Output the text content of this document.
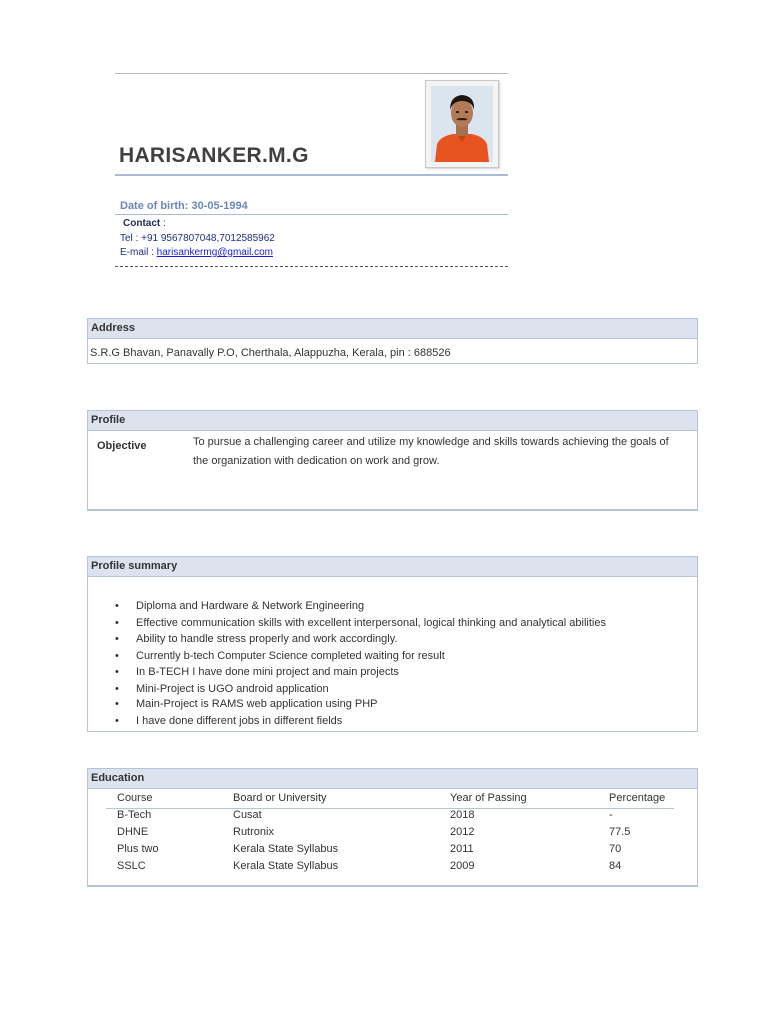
HARISANKER.M.G
Date of birth: 30-05-1994
Contact :
Tel : +91 9567807048,7012585962
E-mail : harisankermg@gmail.com
Address
S.R.G Bhavan, Panavally P.O, Cherthala, Alappuzha, Kerala, pin : 688526
Profile
Objective	To pursue a challenging career and utilize my knowledge and skills towards achieving the goals of
the organization with dedication on work and grow.
Profile summary
• Diploma and Hardware & Network Engineering
• Effective communication skills with excellent interpersonal, logical thinking and analytical abilities
• Ability to handle stress properly and work accordingly.
• Currently b-tech Computer Science completed waiting for result
• In B-TECH I have done mini project and main projects
• Mini-Project is UGO android application
• Main-Project is RAMS web application using PHP
• I have done different jobs in different fields
Education
Course	Board or University	Year of Passing	Percentage
B-Tech	Cusat	2018	-
DHNE	Rutronix	2012	77.5
Plus two	Kerala State Syllabus	2011	70
SSLC	Kerala State Syllabus	2009	84
